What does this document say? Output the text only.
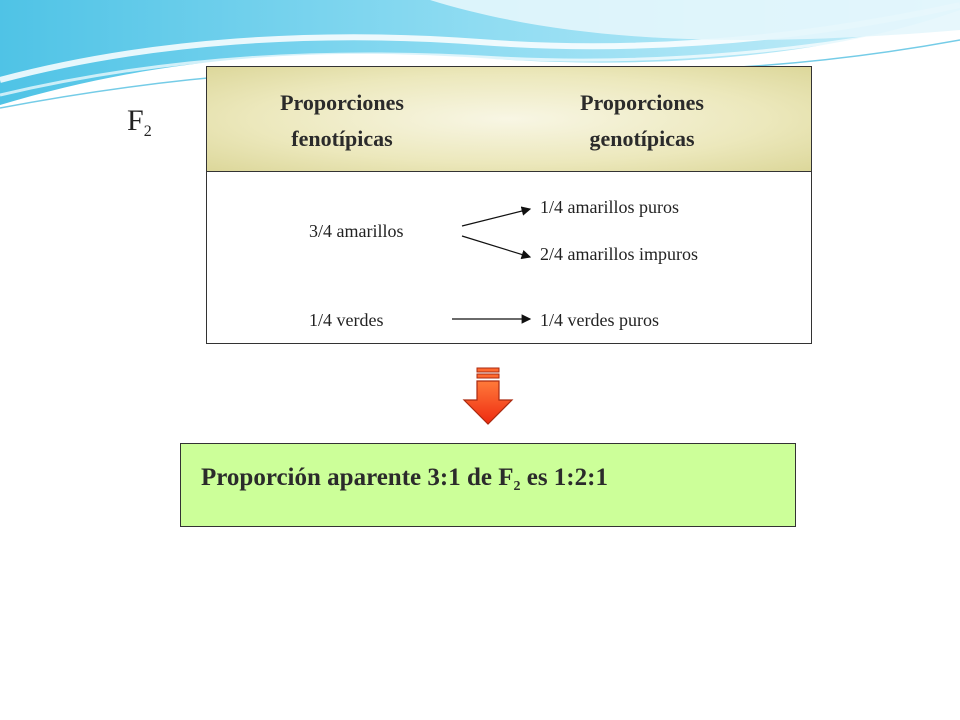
$F_2$
Proporciones fenotípicas
Proporciones genotípicas
3/4 amarillos
1/4 verdes
1/4 amarillos puros
2/4 amarillos impuros
1/4 verdes puros
Proporción aparente 3:1 de $F_2$ es 1:2:1
